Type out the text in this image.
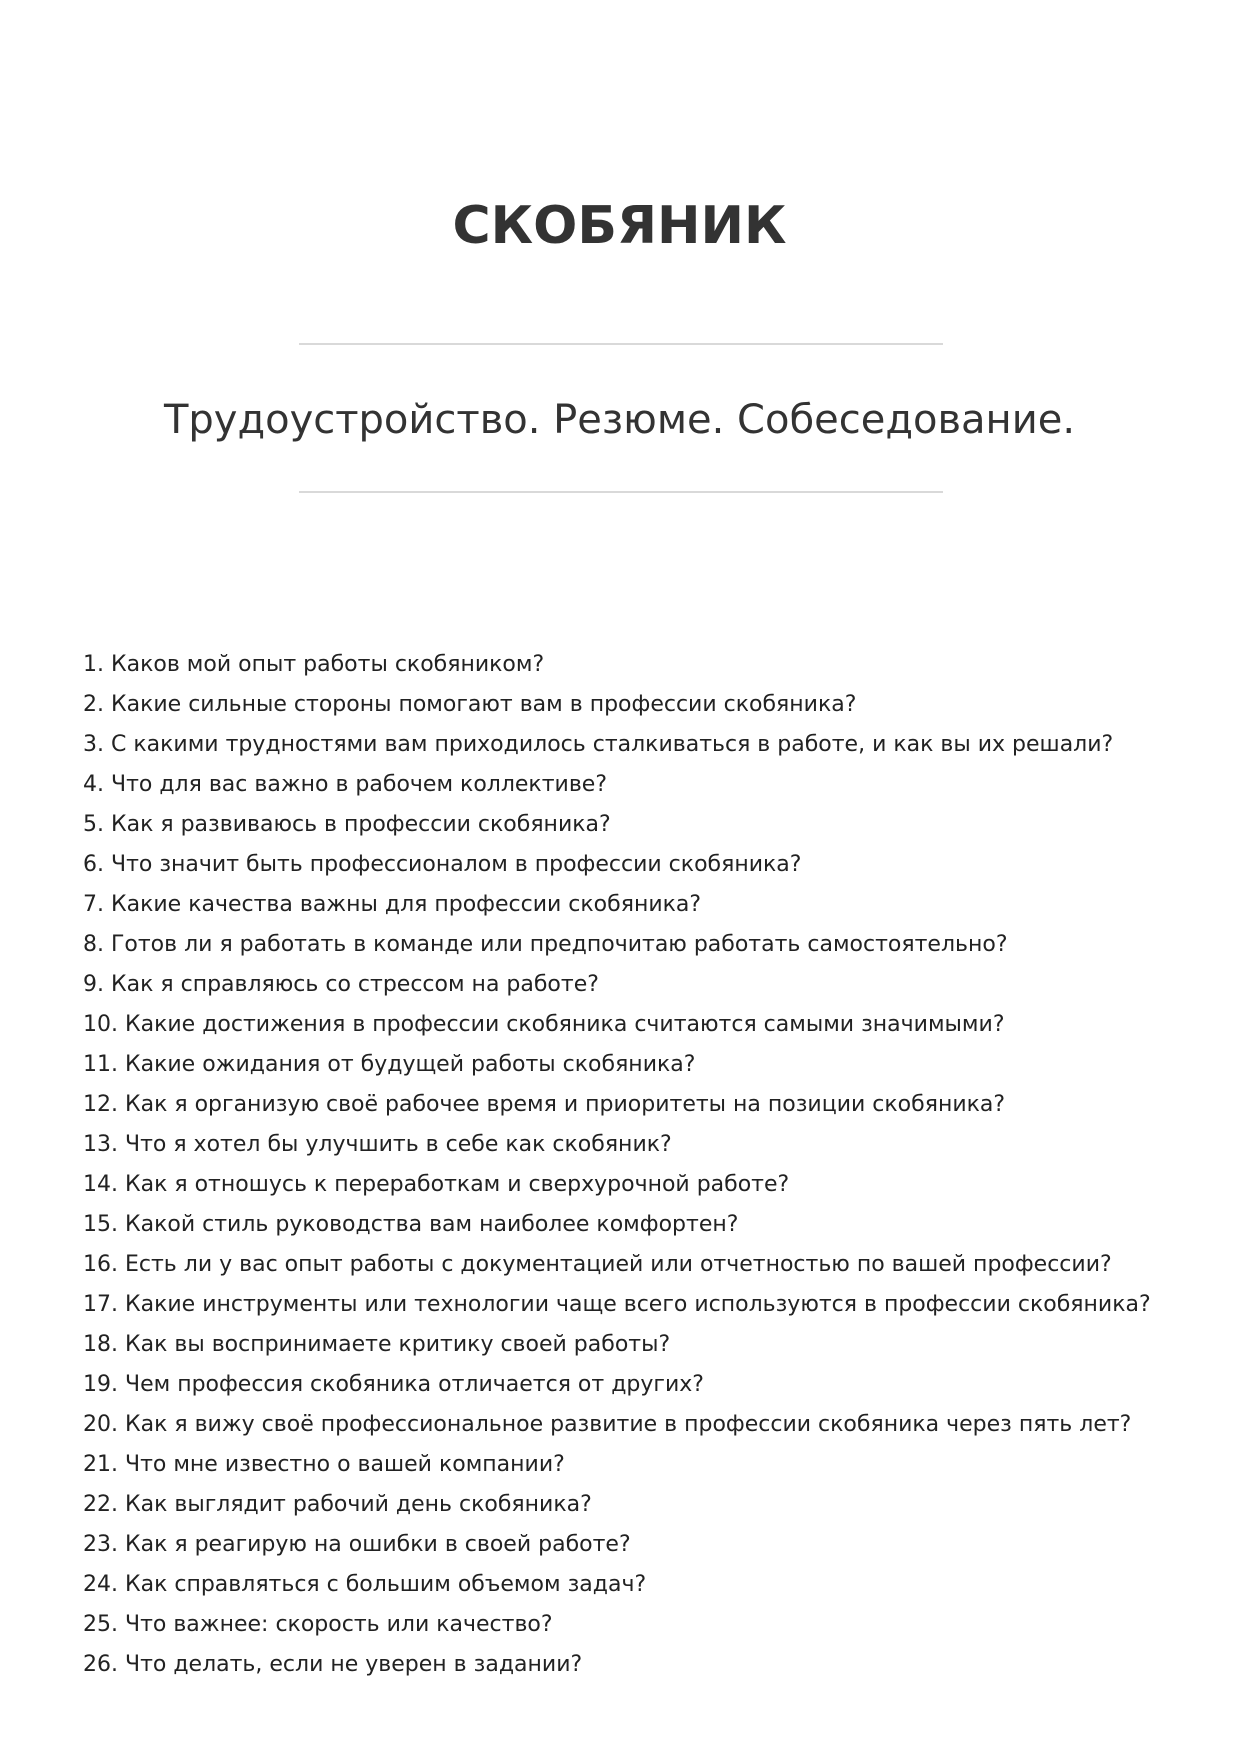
СКОБЯНИК
Трудоустройство. Резюме. Собеседование.
1. Каков мой опыт работы скобяником?
2. Какие сильные стороны помогают вам в профессии скобяника?
3. С какими трудностями вам приходилось сталкиваться в работе, и как вы их решали?
4. Что для вас важно в рабочем коллективе?
5. Как я развиваюсь в профессии скобяника?
6. Что значит быть профессионалом в профессии скобяника?
7. Какие качества важны для профессии скобяника?
8. Готов ли я работать в команде или предпочитаю работать самостоятельно?
9. Как я справляюсь со стрессом на работе?
10. Какие достижения в профессии скобяника считаются самыми значимыми?
11. Какие ожидания от будущей работы скобяника?
12. Как я организую своё рабочее время и приоритеты на позиции скобяника?
13. Что я хотел бы улучшить в себе как скобяник?
14. Как я отношусь к переработкам и сверхурочной работе?
15. Какой стиль руководства вам наиболее комфортен?
16. Есть ли у вас опыт работы с документацией или отчетностью по вашей профессии?
17. Какие инструменты или технологии чаще всего используются в профессии скобяника?
18. Как вы воспринимаете критику своей работы?
19. Чем профессия скобяника отличается от других?
20. Как я вижу своё профессиональное развитие в профессии скобяника через пять лет?
21. Что мне известно о вашей компании?
22. Как выглядит рабочий день скобяника?
23. Как я реагирую на ошибки в своей работе?
24. Как справляться с большим объемом задач?
25. Что важнее: скорость или качество?
26. Что делать, если не уверен в задании?
